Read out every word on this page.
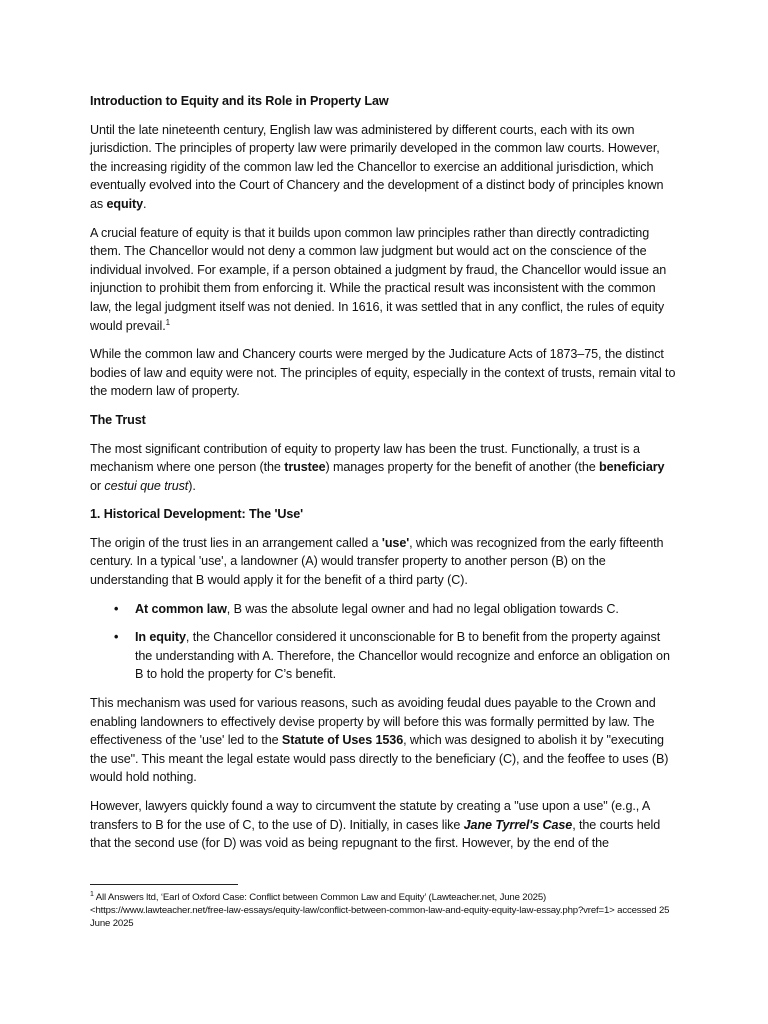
Introduction to Equity and its Role in Property Law

Until the late nineteenth century, English law was administered by different courts, each with its own jurisdiction. The principles of property law were primarily developed in the common law courts. However, the increasing rigidity of the common law led the Chancellor to exercise an additional jurisdiction, which eventually evolved into the Court of Chancery and the development of a distinct body of principles known as equity.

A crucial feature of equity is that it builds upon common law principles rather than directly contradicting them. The Chancellor would not deny a common law judgment but would act on the conscience of the individual involved. For example, if a person obtained a judgment by fraud, the Chancellor would issue an injunction to prohibit them from enforcing it. While the practical result was inconsistent with the common law, the legal judgment itself was not denied. In 1616, it was settled that in any conflict, the rules of equity would prevail.$^1$

While the common law and Chancery courts were merged by the Judicature Acts of 1873–75, the distinct bodies of law and equity were not. The principles of equity, especially in the context of trusts, remain vital to the modern law of property.

The Trust

The most significant contribution of equity to property law has been the trust. Functionally, a trust is a mechanism where one person (the trustee) manages property for the benefit of another (the beneficiary or cestui que trust).

1. Historical Development: The 'Use'

The origin of the trust lies in an arrangement called a 'use', which was recognized from the early fifteenth century. In a typical 'use', a landowner (A) would transfer property to another person (B) on the understanding that B would apply it for the benefit of a third party (C).

• At common law, B was the absolute legal owner and had no legal obligation towards C.
• In equity, the Chancellor considered it unconscionable for B to benefit from the property against the understanding with A. Therefore, the Chancellor would recognize and enforce an obligation on B to hold the property for C’s benefit.

This mechanism was used for various reasons, such as avoiding feudal dues payable to the Crown and enabling landowners to effectively devise property by will before this was formally permitted by law. The effectiveness of the 'use' led to the Statute of Uses 1536, which was designed to abolish it by "executing the use". This meant the legal estate would pass directly to the beneficiary (C), and the feoffee to uses (B) would hold nothing.

However, lawyers quickly found a way to circumvent the statute by creating a "use upon a use" (e.g., A transfers to B for the use of C, to the use of D). Initially, in cases like Jane Tyrrel's Case, the courts held that the second use (for D) was void as being repugnant to the first. However, by the end of the

$^1$ All Answers ltd, ‘Earl of Oxford Case: Conflict between Common Law and Equity’ (Lawteacher.net, June 2025) <https://www.lawteacher.net/free-law-essays/equity-law/conflict-between-common-law-and-equity-equity-law-essay.php?vref=1> accessed 25 June 2025
